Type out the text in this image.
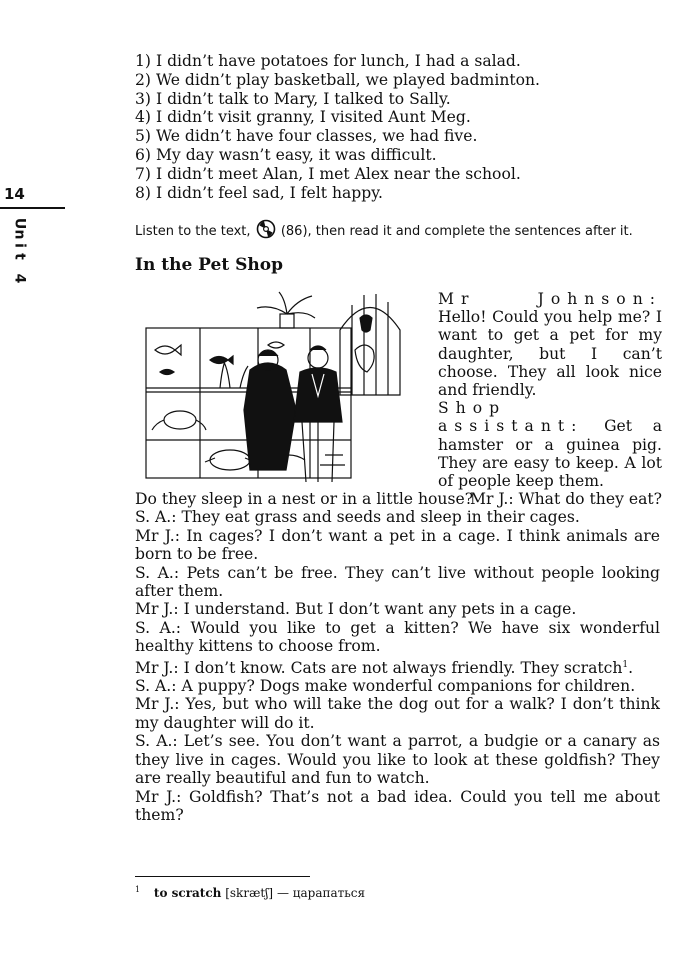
1) I didn’t have potatoes for lunch, I had a salad.
2) We didn’t play basketball, we played badminton.
3) I didn’t talk to Mary, I talked to Sally.
4) I didn’t visit granny, I visited Aunt Meg.
5) We didn’t have four classes, we had five.
6) My day wasn’t easy, it was difficult.
7) I didn’t meet Alan, I met Alex near the school.
8) I didn’t feel sad, I felt happy.
14
U
n
i
t

4
Listen to the text, (86), then read it and complete the sentences after it.
In the Pet Shop

Mr Johnson: Hello! Could you help me? I want to get a pet for my daughter, but I can’t choose. They all look nice and friendly.

Shop assistant: Get a hamster or a guinea pig. They are easy to keep. A lot of people keep them.

Mr J.: What do they eat?

Do they sleep in a nest or in a little house?

S. A.: They eat grass and seeds and sleep in their cages.

Mr J.: In cages? I don’t want a pet in a cage. I think animals are born to be free.

S. A.: Pets can’t be free. They can’t live without people looking after them.

Mr J.: I understand. But I don’t want any pets in a cage.

S. A.: Would you like to get a kitten? We have six wonderful healthy kittens to choose from.

Mr J.: I don’t know. Cats are not always friendly. They scratch$^1$.

S. A.: A puppy? Dogs make wonderful companions for children.

Mr J.: Yes, but who will take the dog out for a walk? I don’t think my daughter will do it.

S. A.: Let’s see. You don’t want a parrot, a budgie or a canary as they live in cages. Would you like to look at these goldfish? They are really beautiful and fun to watch.

Mr J.: Goldfish? That’s not a bad idea. Could you tell me about them?

$^1$ to scratch [skrætʃ] — царапаться
